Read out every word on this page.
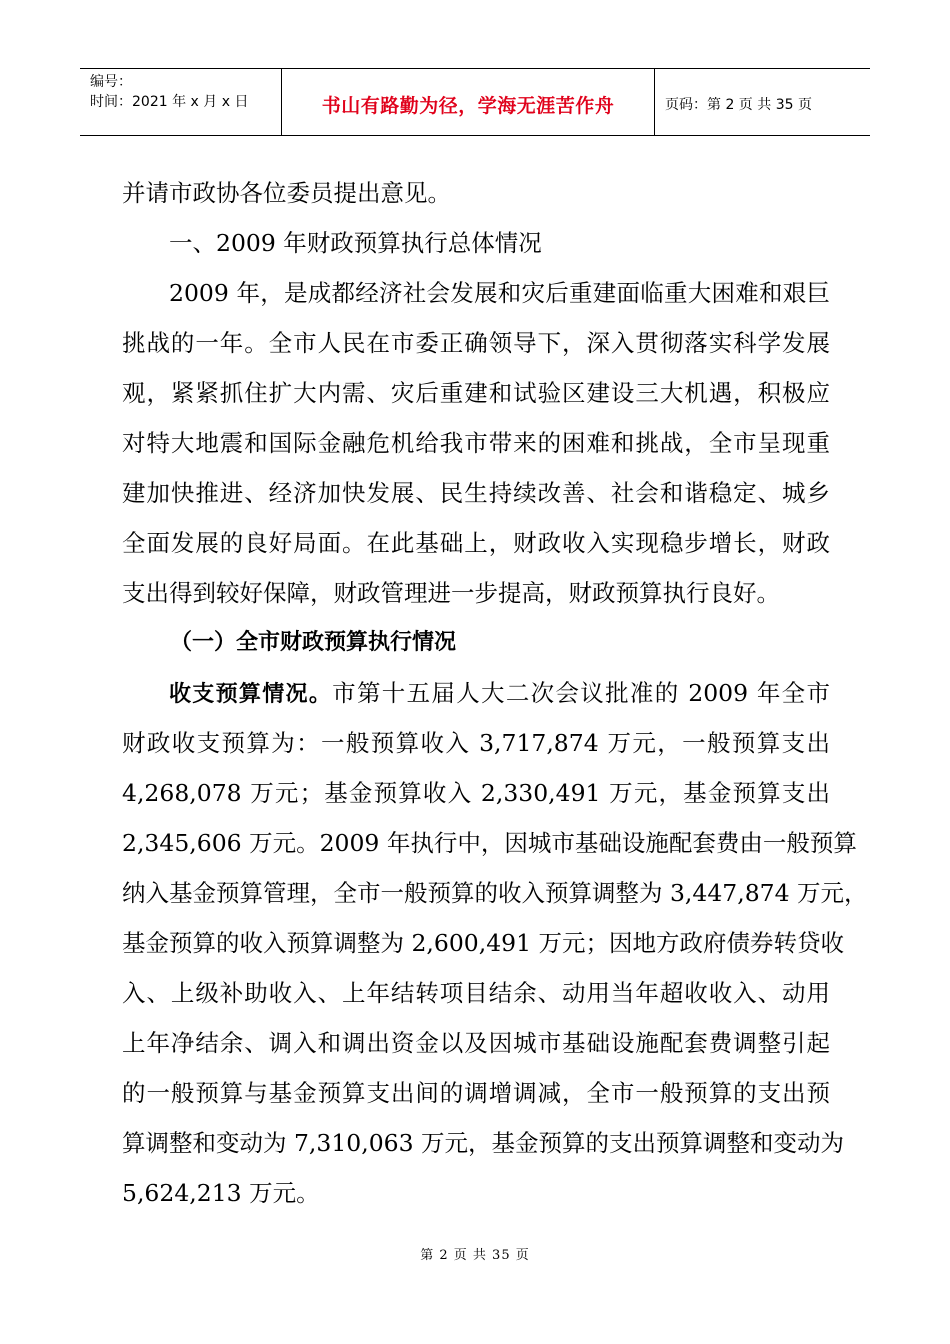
编号：
时间：2021 年 x 月 x 日	书山有路勤为径，学海无涯苦作舟	页码：第 2 页 共 35 页
并请市政协各位委员提出意见。
一、2009 年财政预算执行总体情况
2009 年，是成都经济社会发展和灾后重建面临重大困难和艰巨
挑战的一年。全市人民在市委正确领导下，深入贯彻落实科学发展
观，紧紧抓住扩大内需、灾后重建和试验区建设三大机遇，积极应
对特大地震和国际金融危机给我市带来的困难和挑战，全市呈现重
建加快推进、经济加快发展、民生持续改善、社会和谐稳定、城乡
全面发展的良好局面。在此基础上，财政收入实现稳步增长，财政
支出得到较好保障，财政管理进一步提高，财政预算执行良好。
（一）全市财政预算执行情况
收支预算情况。市第十五届人大二次会议批准的 2009 年全市
财政收支预算为：一般预算收入 3,717,874 万元，一般预算支出
4,268,078 万元；基金预算收入 2,330,491 万元，基金预算支出
2,345,606 万元。2009 年执行中，因城市基础设施配套费由一般预算
纳入基金预算管理，全市一般预算的收入预算调整为 3,447,874 万元，
基金预算的收入预算调整为 2,600,491 万元；因地方政府债券转贷收
入、上级补助收入、上年结转项目结余、动用当年超收收入、动用
上年净结余、调入和调出资金以及因城市基础设施配套费调整引起
的一般预算与基金预算支出间的调增调减，全市一般预算的支出预
算调整和变动为 7,310,063 万元，基金预算的支出预算调整和变动为
5,624,213 万元。
第 2 页 共 35 页
